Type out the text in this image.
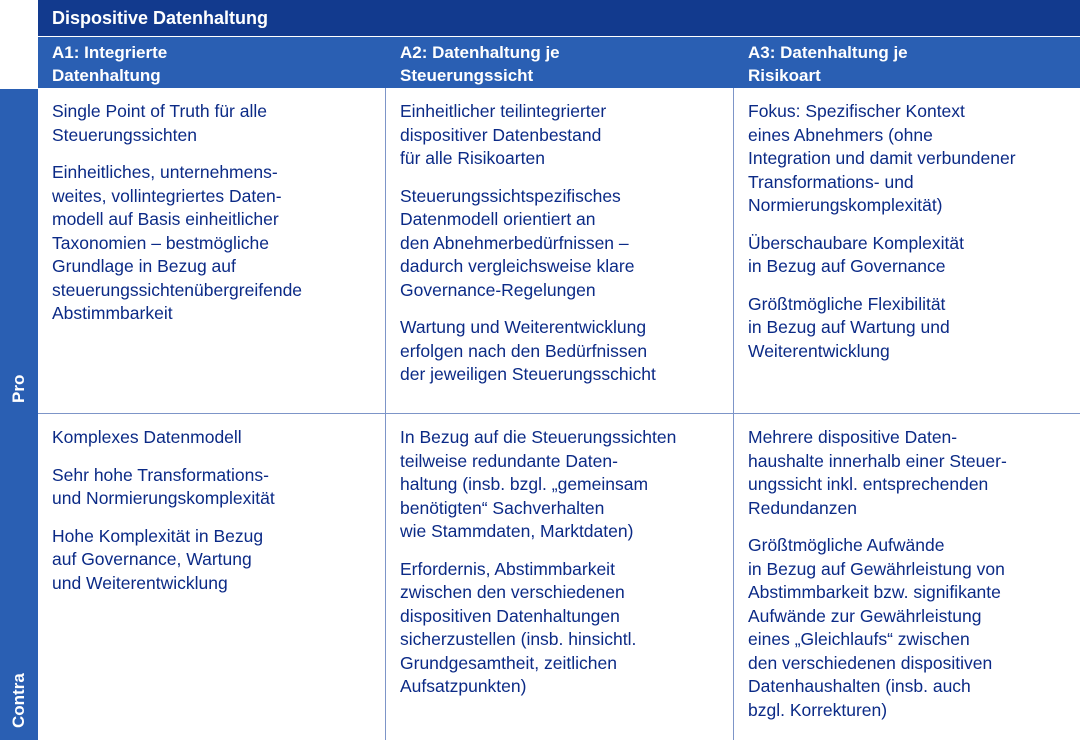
Dispositive Datenhaltung
A1: Integrierte
Datenhaltung
A2: Datenhaltung je
Steuerungssicht
A3: Datenhaltung je
Risikoart
Pro
Contra

Single Point of Truth für alle
Steuerungssichten

Einheitliches, unternehmens-
weites, vollintegriertes Daten-
modell auf Basis einheitlicher
Taxonomien – bestmögliche
Grundlage in Bezug auf
steuerungssichtenübergreifende
Abstimmbarkeit

Einheitlicher teilintegrierter
dispositiver Datenbestand
für alle Risikoarten

Steuerungssichtspezifisches
Datenmodell orientiert an
den Abnehmerbedürfnissen –
dadurch vergleichsweise klare
Governance-Regelungen

Wartung und Weiterentwicklung
erfolgen nach den Bedürfnissen
der jeweiligen Steuerungsschicht

Fokus: Spezifischer Kontext
eines Abnehmers (ohne
Integration und damit verbundener
Transformations- und
Normierungskomplexität)

Überschaubare Komplexität
in Bezug auf Governance

Größtmögliche Flexibilität
in Bezug auf Wartung und
Weiterentwicklung

Komplexes Datenmodell

Sehr hohe Transformations-
und Normierungskomplexität

Hohe Komplexität in Bezug
auf Governance, Wartung
und Weiterentwicklung

In Bezug auf die Steuerungssichten
teilweise redundante Daten-
haltung (insb. bzgl. „gemeinsam
benötigten“ Sachverhalten
wie Stammdaten, Marktdaten)

Erfordernis, Abstimmbarkeit
zwischen den verschiedenen
dispositiven Datenhaltungen
sicherzustellen (insb. hinsichtl.
Grundgesamtheit, zeitlichen
Aufsatzpunkten)

Mehrere dispositive Daten-
haushalte innerhalb einer Steuer-
ungssicht inkl. entsprechenden
Redundanzen

Größtmögliche Aufwände
in Bezug auf Gewährleistung von
Abstimmbarkeit bzw. signifikante
Aufwände zur Gewährleistung
eines „Gleichlaufs“ zwischen
den verschiedenen dispositiven
Datenhaushalten (insb. auch
bzgl. Korrekturen)
